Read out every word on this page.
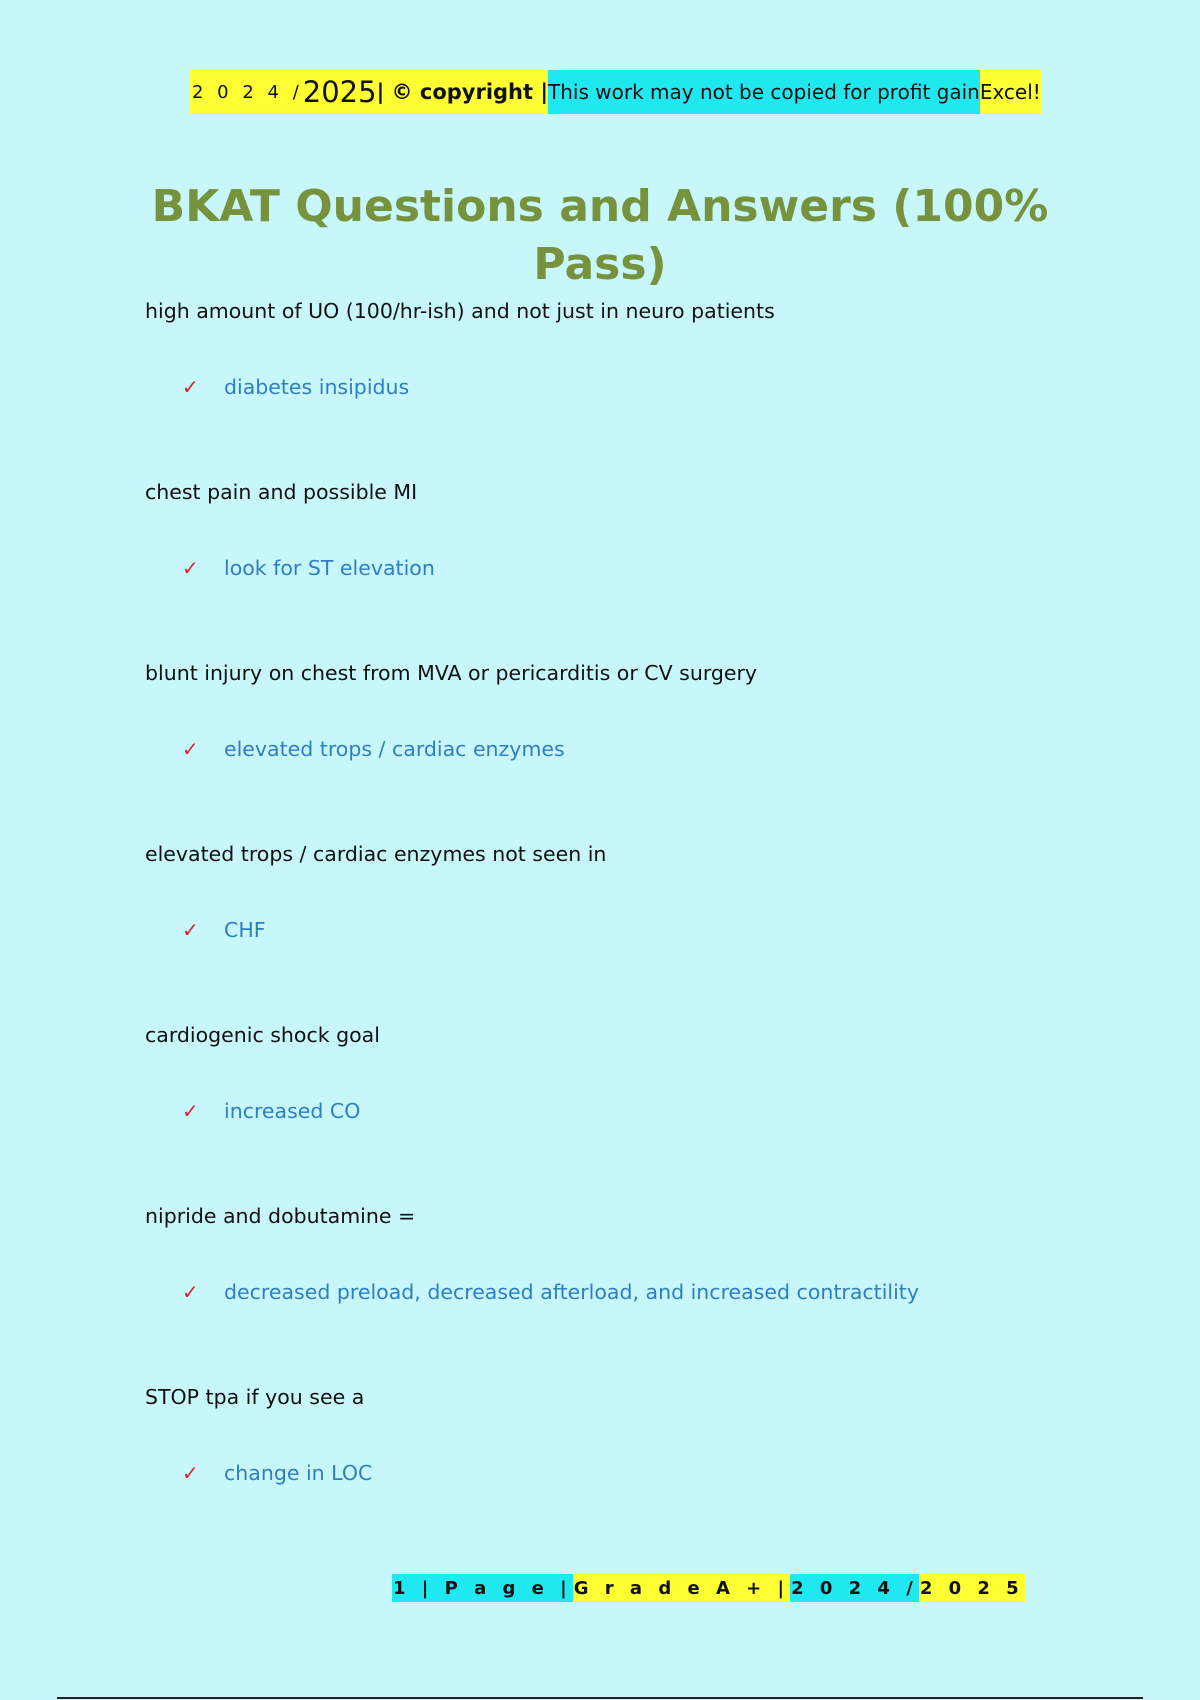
2 0 2 4 / 2025 | © copyright | This work may not be copied for profit gain Excel!
BKAT Questions and Answers (100% Pass)
high amount of UO (100/hr-ish) and not just in neuro patients
✓	diabetes insipidus
chest pain and possible MI
✓	look for ST elevation
blunt injury on chest from MVA or pericarditis or CV surgery
✓	elevated trops / cardiac enzymes
elevated trops / cardiac enzymes not seen in
✓	CHF
cardiogenic shock goal
✓	increased CO
nipride and dobutamine =
✓	decreased preload, decreased afterload, and increased contractility
STOP tpa if you see a
✓	change in LOC
1 | P a g e | G r a d e A + | 2 0 2 4 / 2 0 2 5
